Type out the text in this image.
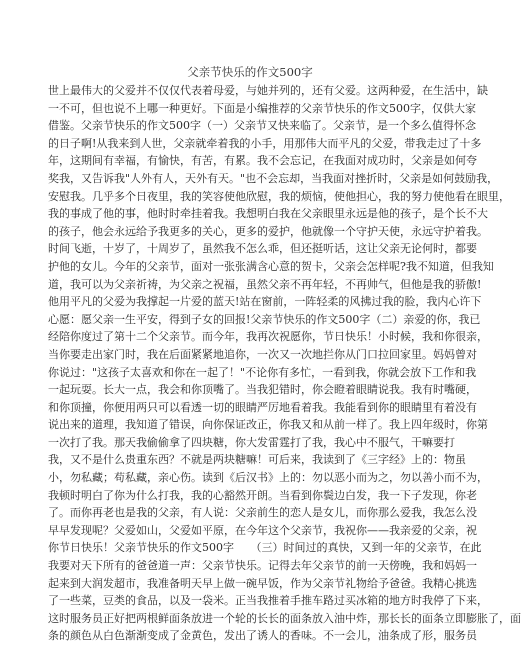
父亲节快乐的作文500字
世上最伟大的父爱并不仅仅代表着母爱，与她并列的，还有父爱。这两种爱，在生活中，缺
一不可，但也说不上哪一种更好。下面是小编推荐的父亲节快乐的作文500字，仅供大家
借鉴。父亲节快乐的作文500字（一）父亲节又快来临了。父亲节，是一个多么值得怀念
的日子啊!从我来到人世，父亲就牵着我的小手，用那伟大而平凡的父爱，带我走过了十多
年，这期间有幸福，有愉快，有苦，有累。我不会忘记，在我面对成功时，父亲是如何夸
奖我，又告诉我"人外有人，天外有天。"也不会忘却，当我面对挫折时，父亲是如何鼓励我，
安慰我。几乎多个日夜里，我的笑容使他欣慰，我的烦恼，使他担心，我的努力使他看在眼里，
我的事成了他的事，他时时牵挂着我。我想明白我在父亲眼里永远是他的孩子，是个长不大
的孩子，他会永远给予我更多的关心，更多的爱护，他就像一个守护天使，永远守护着我。
时间飞逝，十岁了，十周岁了，虽然我不怎么乖，但还挺听话，这让父亲无论何时，都要
护他的女儿。今年的父亲节，面对一张张满含心意的贺卡，父亲会怎样呢?我不知道，但我知
道，我可以为父亲祈祷，为父亲之祝福，虽然父亲不再年轻，不再帅气，但他是我的骄傲!
他用平凡的父爱为我撑起一片爱的蓝天!站在窗前，一阵轻柔的风拂过我的脸，我内心许下
心愿：愿父亲一生平安，得到子女的回报!父亲节快乐的作文500字（二）亲爱的你，我已
经陪你度过了第十二个父亲节。而今年，我再次祝愿你，节日快乐！小时候，我和你很亲，
当你要走出家门时，我在后面紧紧地追你，一次又一次地拦你从门口拉回家里。妈妈曾对
你说过："这孩子太喜欢和你在一起了！"不论你有多忙，一看到我，你就会放下工作和我
一起玩耍。长大一点，我会和你顶嘴了。当我犯错时，你会瞪着眼睛说我。我有时嘴硬，
和你顶撞，你便用两只可以看透一切的眼睛严厉地看着我。我能看到你的眼睛里有着没有
说出来的道理，我知道了错误，向你保证改正，你我又和从前一样了。我上四年级时，你第
一次打了我。那天我偷偷拿了四块糖，你大发雷霆打了我，我心中不服气，干嘛要打
我，又不是什么贵重东西？不就是两块糖嘛！可后来，我读到了《三字经》上的：物虽
小，勿私藏；苟私藏，亲心伤。读到《后汉书》上的：勿以恶小而为之，勿以善小而不为，
我顿时明白了你为什么打我，我的心豁然开朗。当看到你鬓边白发，我一下子发现，你老
了。而你再老也是我的父亲，有人说：父亲前生的恋人是女儿，而你那么爱我，我怎么没
早早发现呢？父爱如山，父爱如平原，在今年这个父亲节，我祝你——我亲爱的父亲，祝
你节日快乐！父亲节快乐的作文500字　　（三）时间过的真快，又到一年的父亲节，在此
我要对天下所有的爸爸道一声：父亲节快乐。记得去年父亲节的前一天傍晚，我和妈妈一
起来到大润发超市，我准备明天早上做一碗早饭，作为父亲节礼物给予爸爸。我精心挑选
了一些菜，豆类的食品，以及一袋米。正当我推着手推车路过买冰箱的地方时我停了下来，
这时服务员正好把两根鲜面条放进一个轮的长长的面条放入油中炸，那长长的面条立即膨胀了，面
条的颜色从白色渐渐变成了金黄色，发出了诱人的香味。不一会儿，油条成了形，服务员
